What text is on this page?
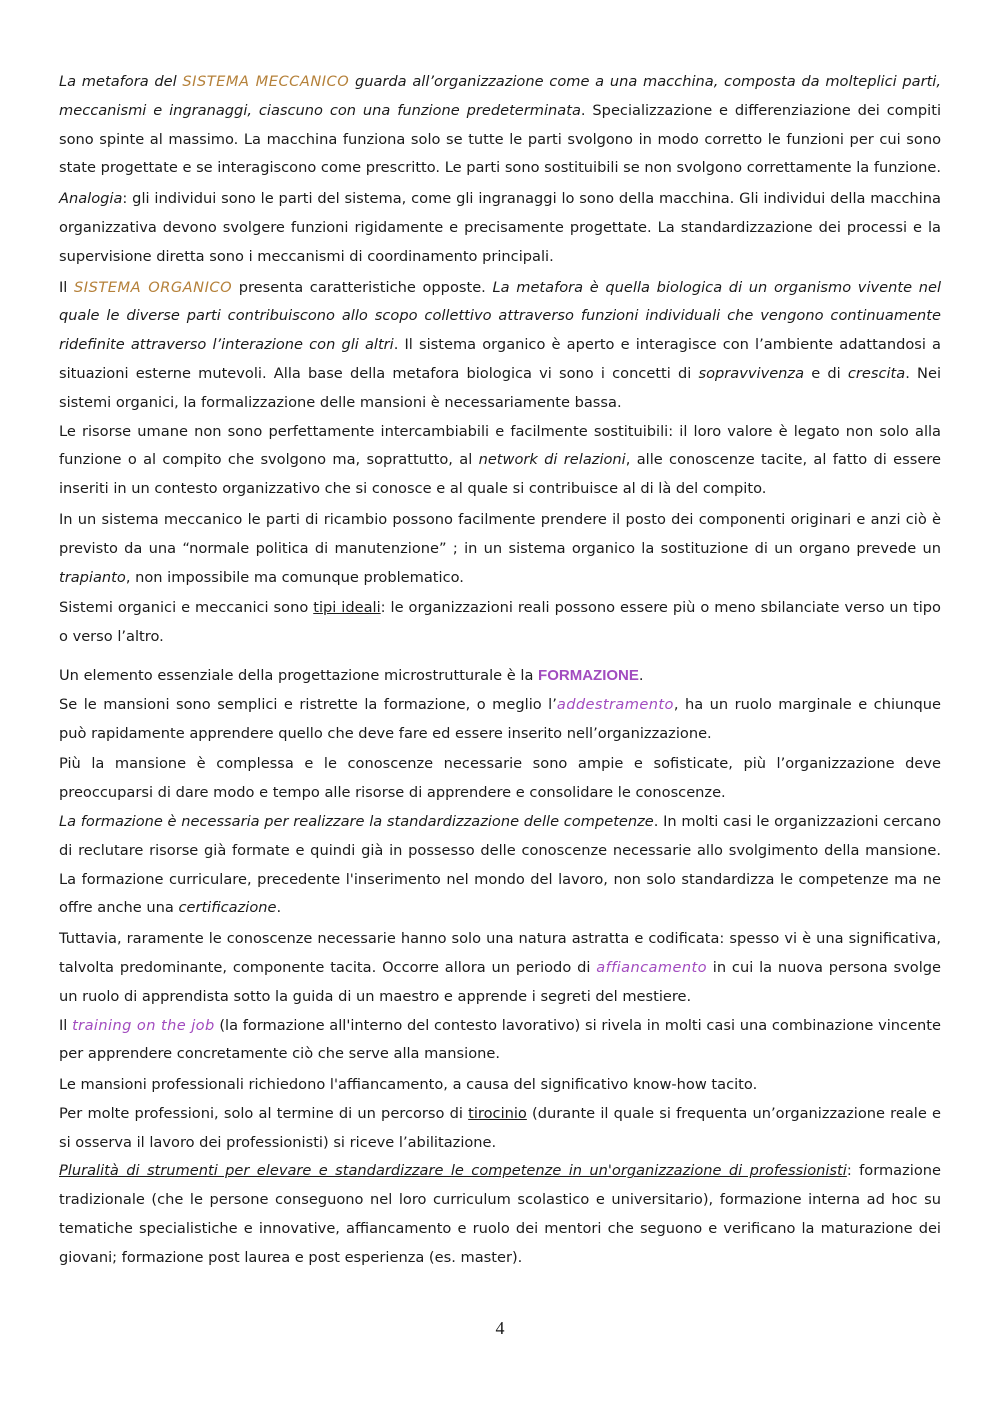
La metafora del SISTEMA MECCANICO guarda all’organizzazione come a una macchina, composta da molteplici parti, meccanismi e ingranaggi, ciascuno con una funzione predeterminata. Specializzazione e differenziazione dei compiti sono spinte al massimo. La macchina funziona solo se tutte le parti svolgono in modo corretto le funzioni per cui sono state progettate e se interagiscono come prescritto. Le parti sono sostituibili se non svolgono correttamente la funzione.

Analogia: gli individui sono le parti del sistema, come gli ingranaggi lo sono della macchina. Gli individui della macchina organizzativa devono svolgere funzioni rigidamente e precisamente progettate. La standardizzazione dei processi e la supervisione diretta sono i meccanismi di coordinamento principali.

Il SISTEMA ORGANICO presenta caratteristiche opposte. La metafora è quella biologica di un organismo vivente nel quale le diverse parti contribuiscono allo scopo collettivo attraverso funzioni individuali che vengono continuamente ridefinite attraverso l’interazione con gli altri. Il sistema organico è aperto e interagisce con l’ambiente adattandosi a situazioni esterne mutevoli. Alla base della metafora biologica vi sono i concetti di sopravvivenza e di crescita. Nei sistemi organici, la formalizzazione delle mansioni è necessariamente bassa.

Le risorse umane non sono perfettamente intercambiabili e facilmente sostituibili: il loro valore è legato non solo alla funzione o al compito che svolgono ma, soprattutto, al network di relazioni, alle conoscenze tacite, al fatto di essere inseriti in un contesto organizzativo che si conosce e al quale si contribuisce al di là del compito.

In un sistema meccanico le parti di ricambio possono facilmente prendere il posto dei componenti originari e anzi ciò è previsto da una “normale politica di manutenzione” ; in un sistema organico la sostituzione di un organo prevede un trapianto, non impossibile ma comunque problematico.

Sistemi organici e meccanici sono tipi ideali: le organizzazioni reali possono essere più o meno sbilanciate verso un tipo o verso l’altro.

Un elemento essenziale della progettazione microstrutturale è la FORMAZIONE.

Se le mansioni sono semplici e ristrette la formazione, o meglio l’addestramento, ha un ruolo marginale e chiunque può rapidamente apprendere quello che deve fare ed essere inserito nell’organizzazione.

Più la mansione è complessa e le conoscenze necessarie sono ampie e sofisticate, più l’organizzazione deve preoccuparsi di dare modo e tempo alle risorse di apprendere e consolidare le conoscenze.

La formazione è necessaria per realizzare la standardizzazione delle competenze. In molti casi le organizzazioni cercano di reclutare risorse già formate e quindi già in possesso delle conoscenze necessarie allo svolgimento della mansione. La formazione curriculare, precedente l'inserimento nel mondo del lavoro, non solo standardizza le competenze ma ne offre anche una certificazione.

Tuttavia, raramente le conoscenze necessarie hanno solo una natura astratta e codificata: spesso vi è una significativa, talvolta predominante, componente tacita. Occorre allora un periodo di affiancamento in cui la nuova persona svolge un ruolo di apprendista sotto la guida di un maestro e apprende i segreti del mestiere.

Il training on the job (la formazione all'interno del contesto lavorativo) si rivela in molti casi una combinazione vincente per apprendere concretamente ciò che serve alla mansione.

Le mansioni professionali richiedono l'affiancamento, a causa del significativo know-how tacito.

Per molte professioni, solo al termine di un percorso di tirocinio (durante il quale si frequenta un’organizzazione reale e si osserva il lavoro dei professionisti) si riceve l’abilitazione.

Pluralità di strumenti per elevare e standardizzare le competenze in un'organizzazione di professionisti: formazione tradizionale (che le persone conseguono nel loro curriculum scolastico e universitario), formazione interna ad hoc su tematiche specialistiche e innovative, affiancamento e ruolo dei mentori che seguono e verificano la maturazione dei giovani; formazione post laurea e post esperienza (es. master).

4
